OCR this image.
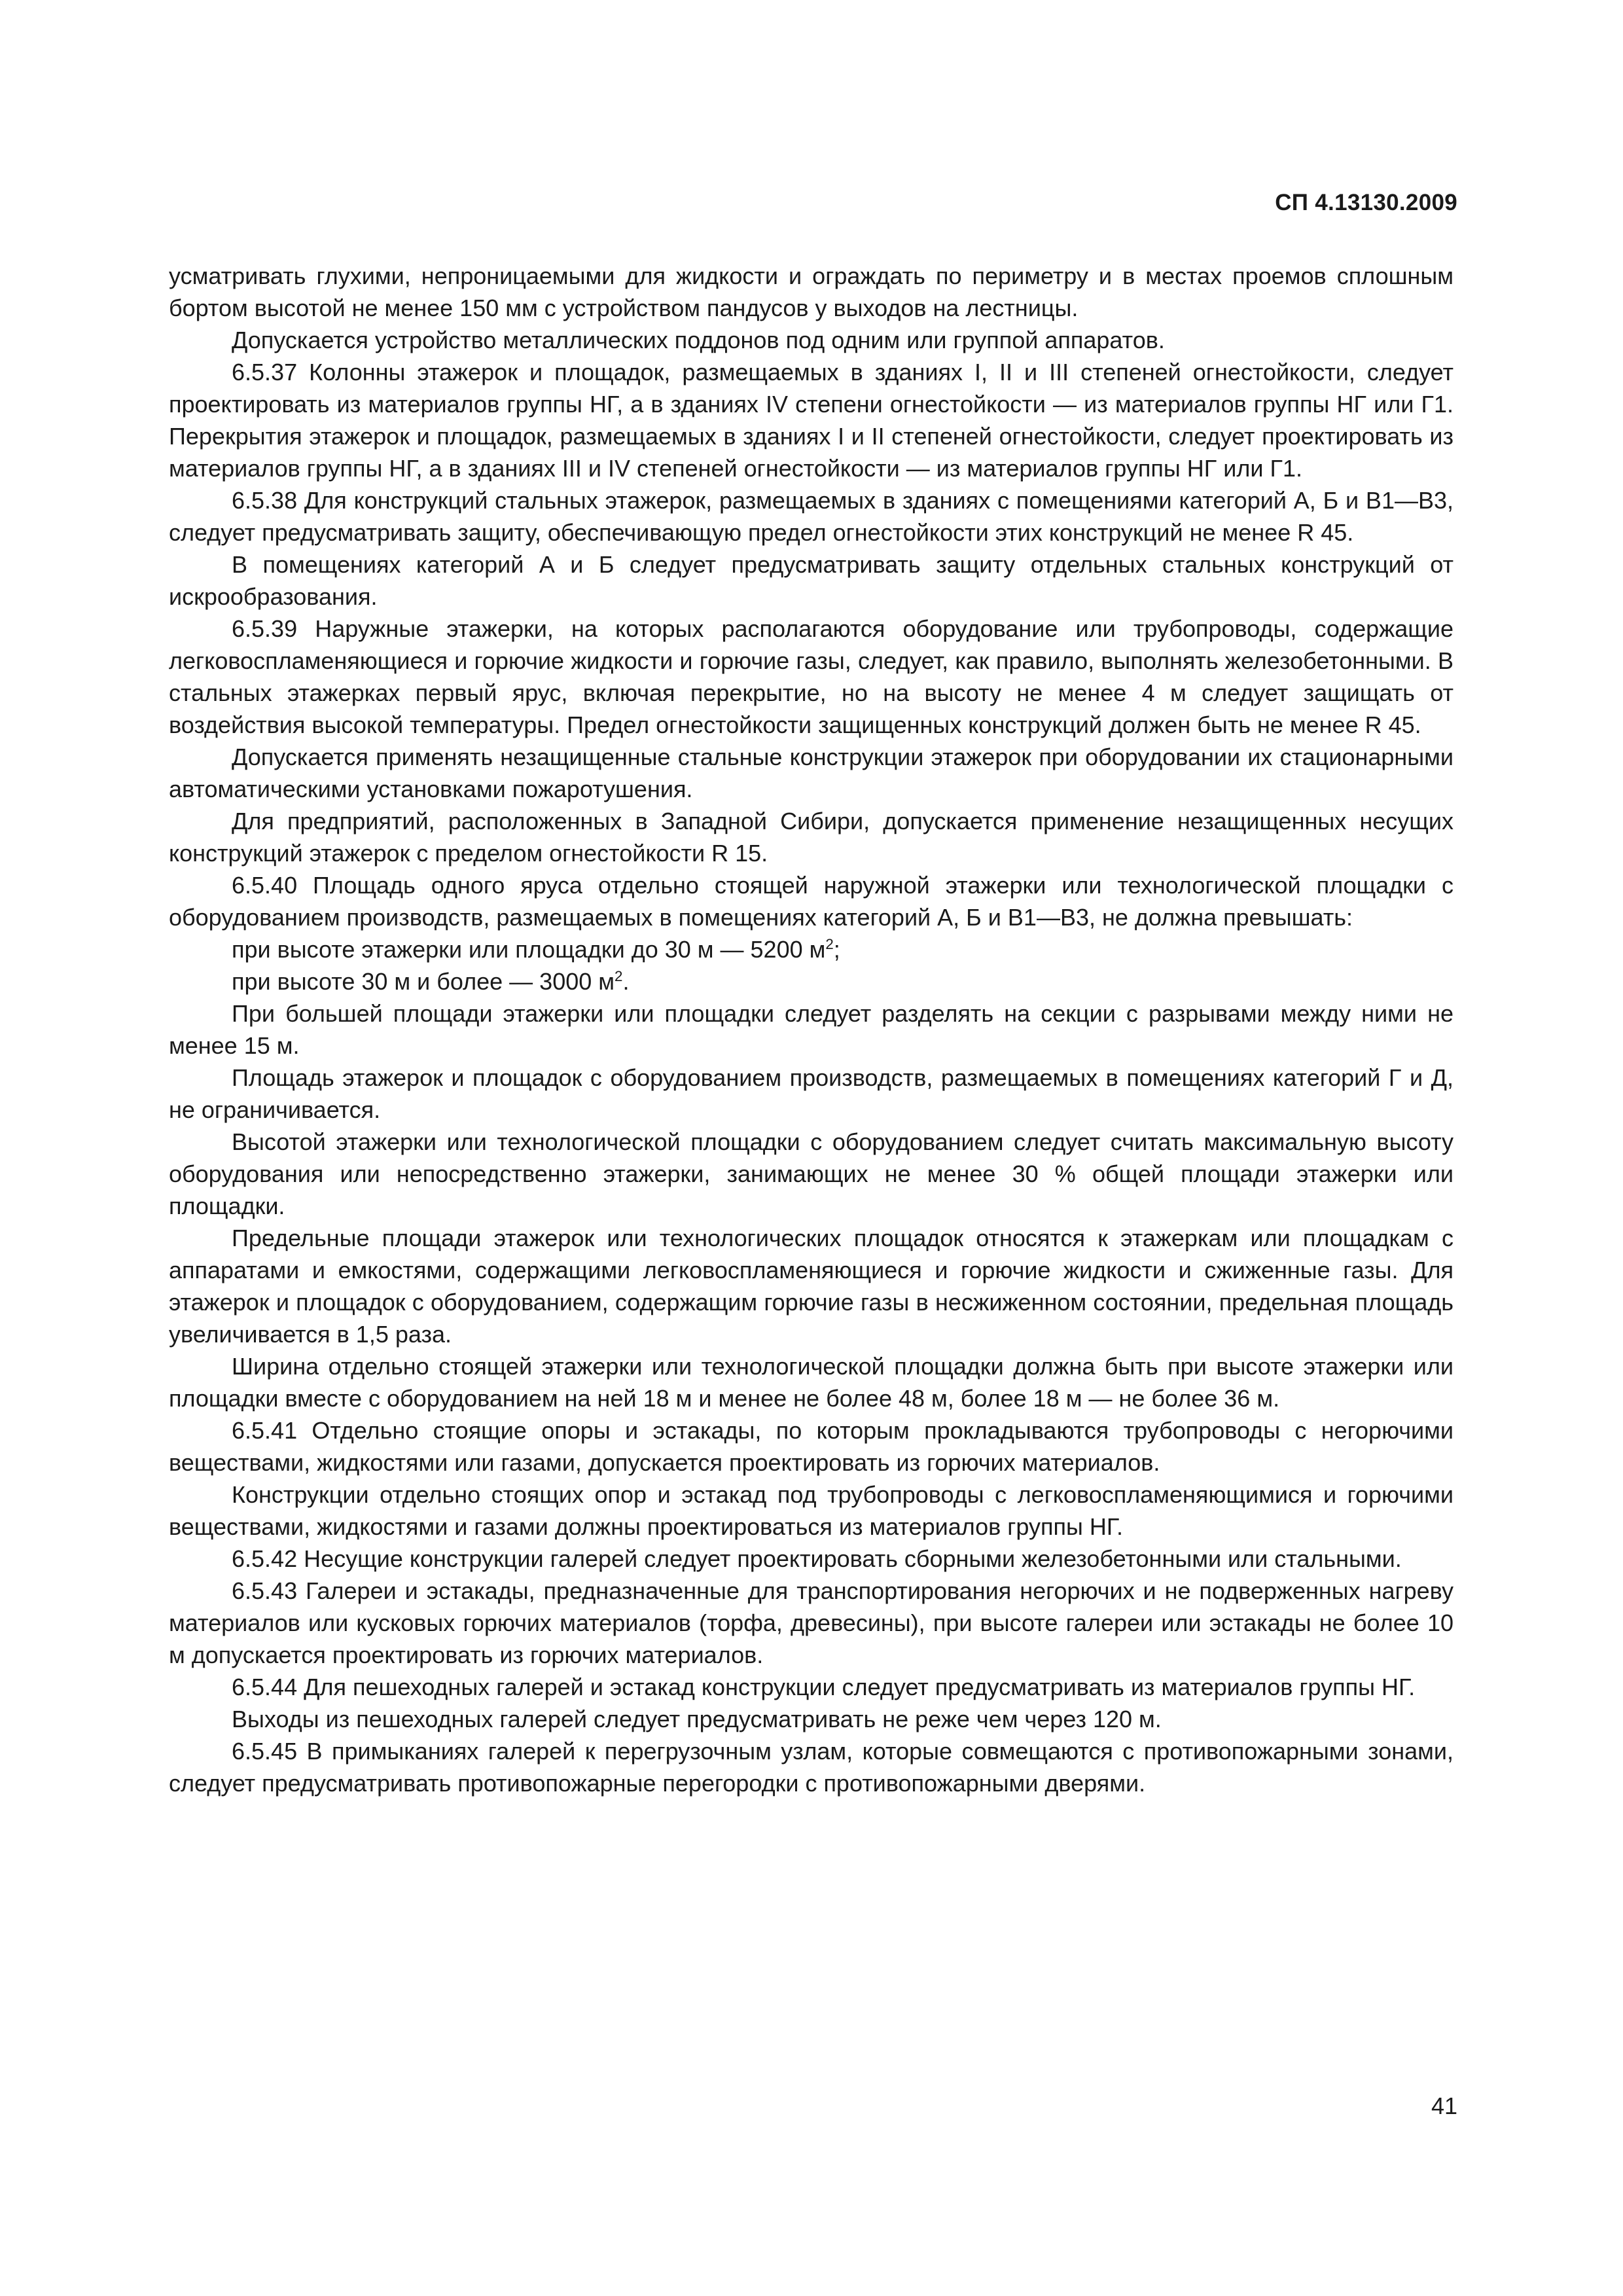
СП 4.13130.2009

усматривать глухими, непроницаемыми для жидкости и ограждать по периметру и в местах проемов сплошным бортом высотой не менее 150 мм с устройством пандусов у выходов на лестницы.

Допускается устройство металлических поддонов под одним или группой аппаратов.

6.5.37 Колонны этажерок и площадок, размещаемых в зданиях I, II и III степеней огнестойкости, следует проектировать из материалов группы НГ, а в зданиях IV степени огнестойкости — из материалов группы НГ или Г1. Перекрытия этажерок и площадок, размещаемых в зданиях I и II степеней огнестойкости, следует проектировать из материалов группы НГ, а в зданиях III и IV степеней огнестойкости — из материалов группы НГ или Г1.

6.5.38 Для конструкций стальных этажерок, размещаемых в зданиях с помещениями категорий А, Б и В1—В3, следует предусматривать защиту, обеспечивающую предел огнестойкости этих конструкций не менее R 45.

В помещениях категорий А и Б следует предусматривать защиту отдельных стальных конструкций от искрообразования.

6.5.39 Наружные этажерки, на которых располагаются оборудование или трубопроводы, содержащие легковоспламеняющиеся и горючие жидкости и горючие газы, следует, как правило, выполнять железобетонными. В стальных этажерках первый ярус, включая перекрытие, но на высоту не менее 4 м следует защищать от воздействия высокой температуры. Предел огнестойкости защищенных конструкций должен быть не менее R 45.

Допускается применять незащищенные стальные конструкции этажерок при оборудовании их стационарными автоматическими установками пожаротушения.

Для предприятий, расположенных в Западной Сибири, допускается применение незащищенных несущих конструкций этажерок с пределом огнестойкости R 15.

6.5.40 Площадь одного яруса отдельно стоящей наружной этажерки или технологической площадки с оборудованием производств, размещаемых в помещениях категорий А, Б и В1—В3, не должна превышать:

при высоте этажерки или площадки до 30 м — 5200 $м^2$;

при высоте 30 м и более — 3000 $м^2$.

При большей площади этажерки или площадки следует разделять на секции с разрывами между ними не менее 15 м.

Площадь этажерок и площадок с оборудованием производств, размещаемых в помещениях категорий Г и Д, не ограничивается.

Высотой этажерки или технологической площадки с оборудованием следует считать максимальную высоту оборудования или непосредственно этажерки, занимающих не менее 30 % общей площади этажерки или площадки.

Предельные площади этажерок или технологических площадок относятся к этажеркам или площадкам с аппаратами и емкостями, содержащими легковоспламеняющиеся и горючие жидкости и сжиженные газы. Для этажерок и площадок с оборудованием, содержащим горючие газы в несжиженном состоянии, предельная площадь увеличивается в 1,5 раза.

Ширина отдельно стоящей этажерки или технологической площадки должна быть при высоте этажерки или площадки вместе с оборудованием на ней 18 м и менее не более 48 м, более 18 м — не более 36 м.

6.5.41 Отдельно стоящие опоры и эстакады, по которым прокладываются трубопроводы с негорючими веществами, жидкостями или газами, допускается проектировать из горючих материалов.

Конструкции отдельно стоящих опор и эстакад под трубопроводы с легковоспламеняющимися и горючими веществами, жидкостями и газами должны проектироваться из материалов группы НГ.

6.5.42 Несущие конструкции галерей следует проектировать сборными железобетонными или стальными.

6.5.43 Галереи и эстакады, предназначенные для транспортирования негорючих и не подверженных нагреву материалов или кусковых горючих материалов (торфа, древесины), при высоте галереи или эстакады не более 10 м допускается проектировать из горючих материалов.

6.5.44 Для пешеходных галерей и эстакад конструкции следует предусматривать из материалов группы НГ.

Выходы из пешеходных галерей следует предусматривать не реже чем через 120 м.

6.5.45 В примыканиях галерей к перегрузочным узлам, которые совмещаются с противопожарными зонами, следует предусматривать противопожарные перегородки с противопожарными дверями.

41
